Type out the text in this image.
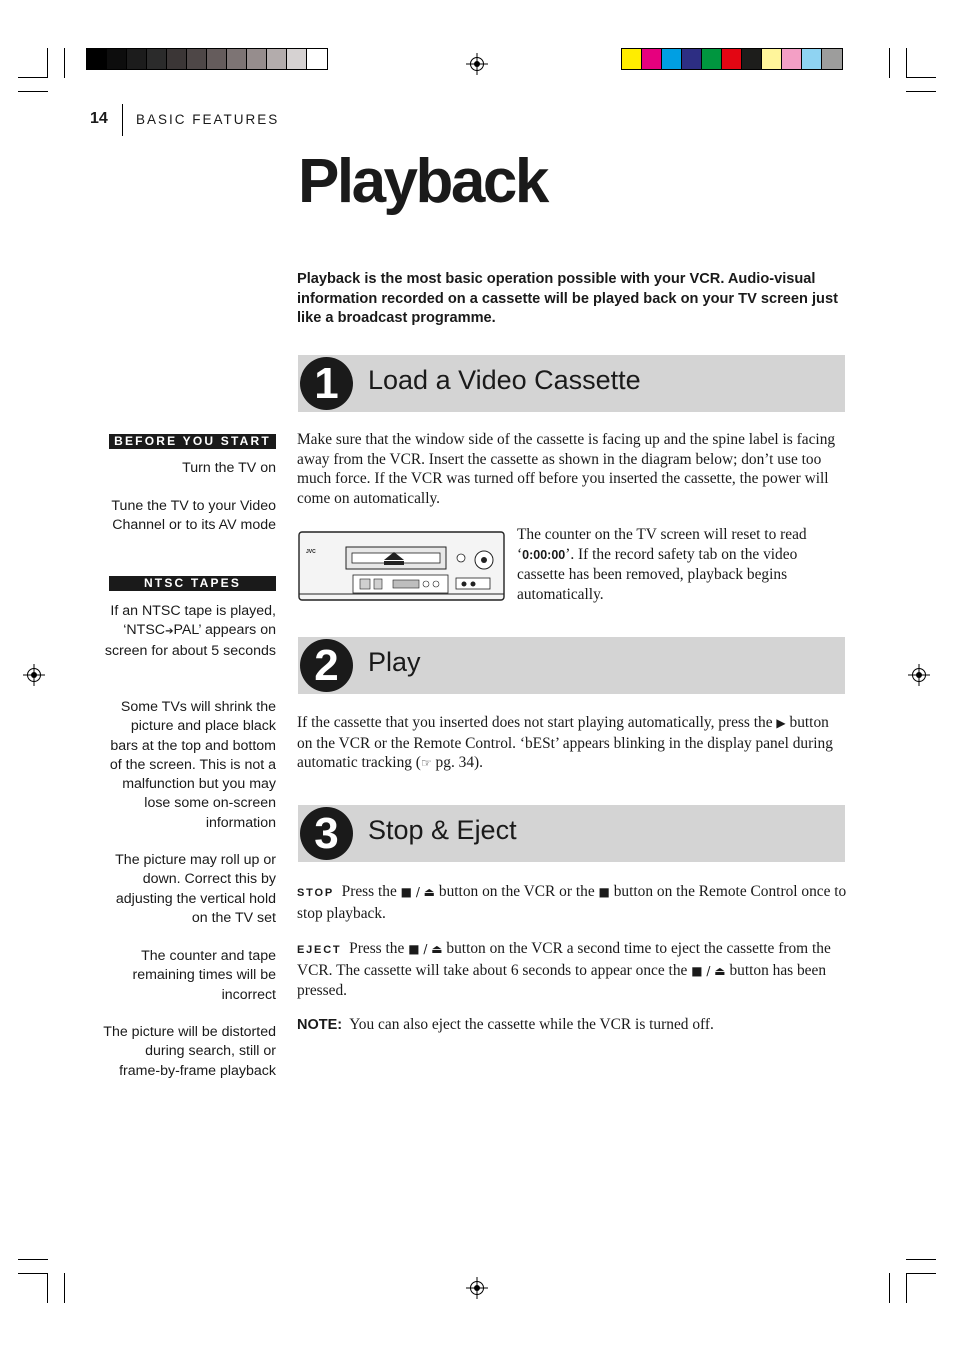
14 BASIC FEATURES
Playback

Playback is the most basic operation possible with your VCR. Audio-visual information recorded on a cassette will be played back on your TV screen just like a broadcast programme.

1	Load a Video Cassette

Make sure that the window side of the cassette is facing up and the spine label is facing away from the VCR. Insert the cassette as shown in the diagram below; don’t use too much force. If the VCR was turned off before you inserted the cassette, the power will come on automatically.

JVC

The counter on the TV screen will reset to read ‘0:00:00’. If the record safety tab on the video cassette has been removed, playback begins automatically.

2	Play

If the cassette that you inserted does not start playing automatically, press the ▶ button on the VCR or the Remote Control. ‘bESt’ appears blinking in the display panel during automatic tracking (☞ pg. 34).

3	Stop & Eject

STOP Press the ■ / ⏏ button on the VCR or the ■ button on the Remote Control once to stop playback.

EJECT Press the ■ / ⏏ button on the VCR a second time to eject the cassette from the VCR. The cassette will take about 6 seconds to appear once the ■ / ⏏ button has been pressed.

NOTE: You can also eject the cassette while the VCR is turned off.

BEFORE YOU START
Turn the TV on
Tune the TV to your Video Channel or to its AV mode
NTSC TAPES
If an NTSC tape is played, ‘NTSC➔PAL’ appears on screen for about 5 seconds
Some TVs will shrink the picture and place black bars at the top and bottom of the screen. This is not a malfunction but you may lose some on-screen information
The picture may roll up or down. Correct this by adjusting the vertical hold on the TV set
The counter and tape remaining times will be incorrect
The picture will be distorted during search, still or frame-by-frame playback
